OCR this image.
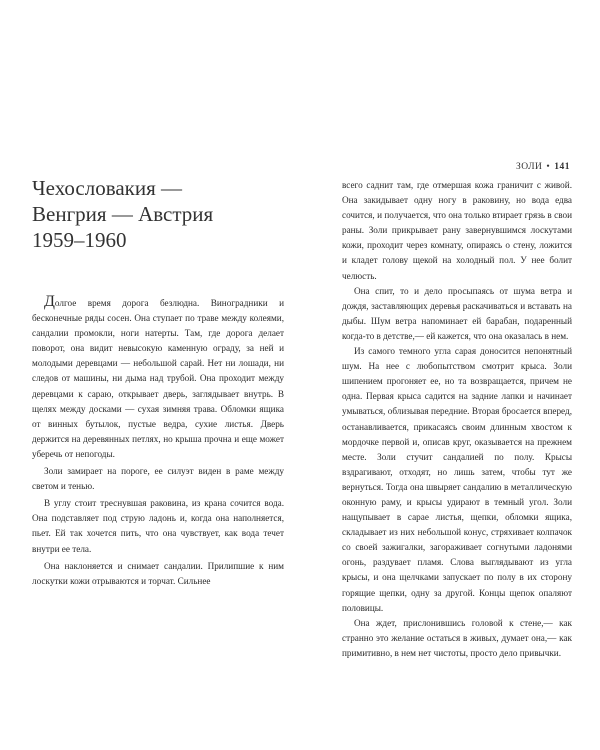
Чехословакия —
Венгрия — Австрия
1959–1960

Долгое время дорога безлюдна. Виноградники и бесконечные ряды сосен. Она ступает по траве между колеями, сандалии промокли, ноги натерты. Там, где дорога делает поворот, она видит невысокую каменную ограду, за ней и молодыми деревцами — небольшой сарай. Нет ни лошади, ни следов от машины, ни дыма над трубой. Она проходит между деревцами к сараю, открывает дверь, заглядывает внутрь. В щелях между досками — сухая зимняя трава. Обломки ящика от винных бутылок, пустые ведра, сухие листья. Дверь держится на деревянных петлях, но крыша прочна и еще может уберечь от непогоды.

Золи замирает на пороге, ее силуэт виден в раме между светом и тенью.

В углу стоит треснувшая раковина, из крана сочится вода. Она подставляет под струю ладонь и, когда она наполняется, пьет. Ей так хочется пить, что она чувствует, как вода течет внутри ее тела.

Она наклоняется и снимает сандалии. Прилипшие к ним лоскутки кожи отрываются и торчат. Сильнее

ЗОЛИ • 141

всего саднит там, где отмершая кожа граничит с живой. Она закидывает одну ногу в раковину, но вода едва сочится, и получается, что она только втирает грязь в свои раны. Золи прикрывает рану завернувшимся лоскутами кожи, проходит через комнату, опираясь о стену, ложится и кладет голову щекой на холодный пол. У нее болит челюсть.

Она спит, то и дело просыпаясь от шума ветра и дождя, заставляющих деревья раскачиваться и вставать на дыбы. Шум ветра напоминает ей барабан, подаренный когда-то в детстве,— ей кажется, что она оказалась в нем.

Из самого темного угла сарая доносится непонятный шум. На нее с любопытством смотрит крыса. Золи шипением прогоняет ее, но та возвращается, причем не одна. Первая крыса садится на задние лапки и начинает умываться, облизывая передние. Вторая бросается вперед, останавливается, прикасаясь своим длинным хвостом к мордочке первой и, описав круг, оказывается на прежнем месте. Золи стучит сандалией по полу. Крысы вздрагивают, отходят, но лишь затем, чтобы тут же вернуться. Тогда она швыряет сандалию в металлическую оконную раму, и крысы удирают в темный угол. Золи нащупывает в сарае листья, щепки, обломки ящика, складывает из них небольшой конус, стряхивает колпачок со своей зажигалки, загораживает согнутыми ладонями огонь, раздувает пламя. Слова выглядывают из угла крысы, и она щелчками запускает по полу в их сторону горящие щепки, одну за другой. Концы щепок опаляют половицы.

Она ждет, прислонившись головой к стене,— как странно это желание остаться в живых, думает она,— как примитивно, в нем нет чистоты, просто дело привычки.
